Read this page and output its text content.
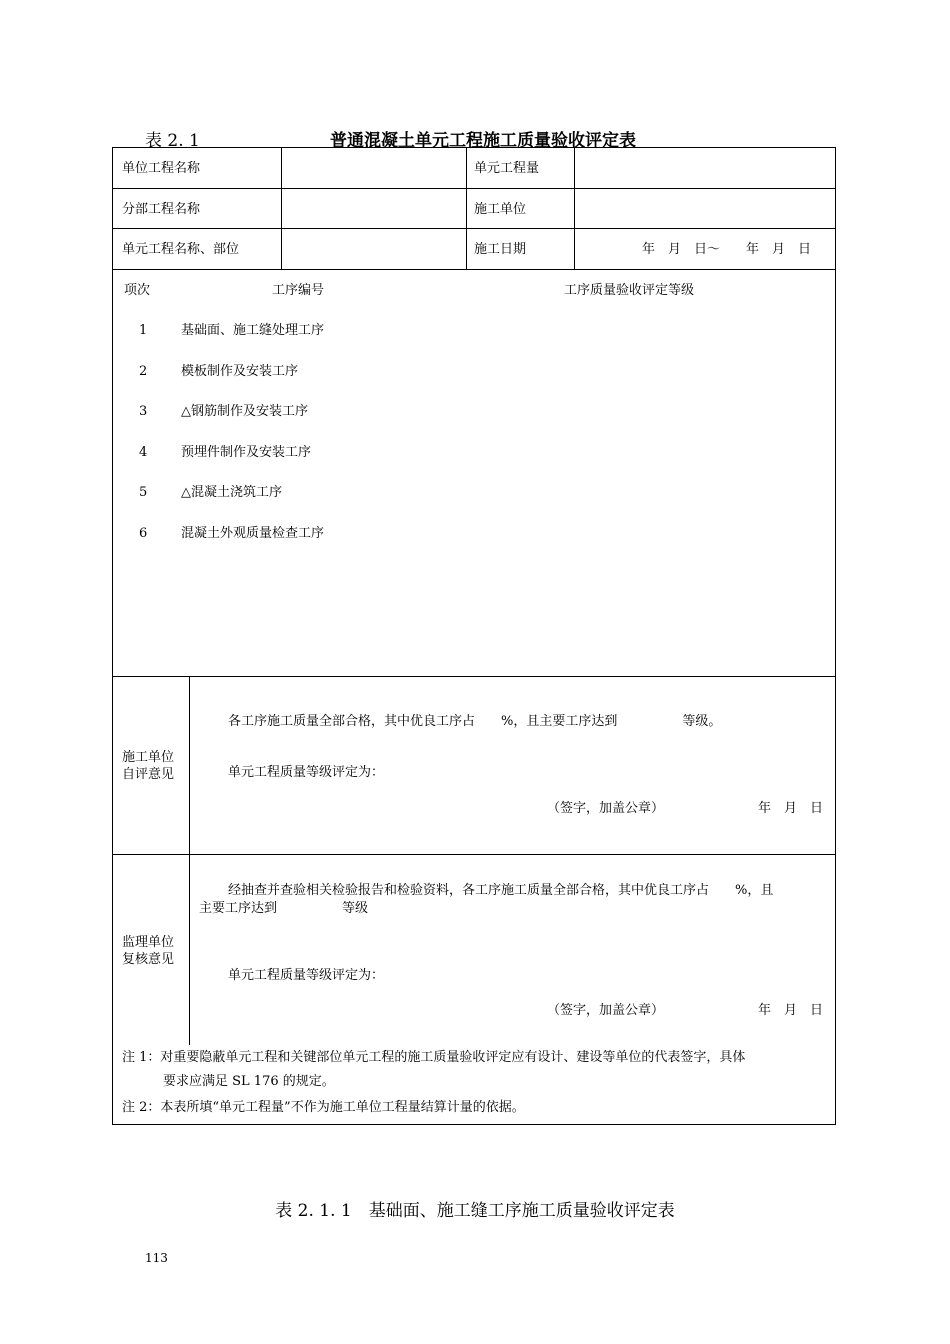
表 2. 1	普通混凝土单元工程施工质量验收评定表
单位工程名称	单元工程量
分部工程名称	施工单位
单元工程名称、部位	施工日期	年　月　日～　　年　月　日
项次	工序编号	工序质量验收评定等级
1	基础面、施工缝处理工序
2	模板制作及安装工序
3	△钢筋制作及安装工序
4	预埋件制作及安装工序
5	△混凝土浇筑工序
6	混凝土外观质量检查工序
施工单位
自评意见
各工序施工质量全部合格，其中优良工序占　　%，且主要工序达到　　　　　等级。
单元工程质量等级评定为：
（签字，加盖公章）	年　月　日
监理单位
复核意见
经抽查并查验相关检验报告和检验资料，各工序施工质量全部合格，其中优良工序占　　%，且
主要工序达到　　　　　等级
单元工程质量等级评定为：
（签字，加盖公章）	年　月　日
注 1：对重要隐蔽单元工程和关键部位单元工程的施工质量验收评定应有设计、建设等单位的代表签字，具体
要求应满足 SL 176 的规定。
注 2：本表所填“单元工程量”不作为施工单位工程量结算计量的依据。
表 2. 1. 1　基础面、施工缝工序施工质量验收评定表
113
